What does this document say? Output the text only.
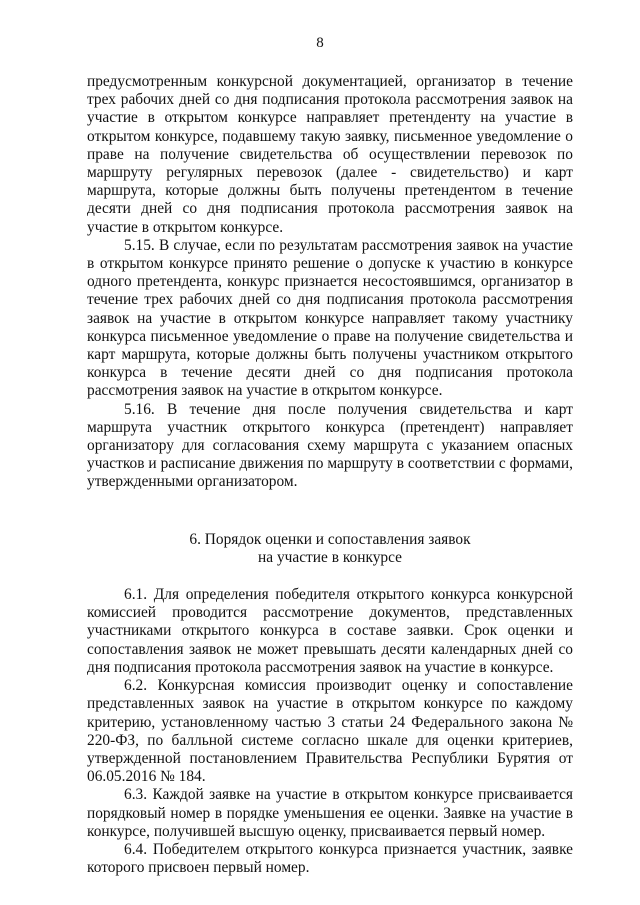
8

предусмотренным конкурсной документацией, организатор в течение трех рабочих дней со дня подписания протокола рассмотрения заявок на участие в открытом конкурсе направляет претенденту на участие в открытом конкурсе, подавшему такую заявку, письменное уведомление о праве на получение свидетельства об осуществлении перевозок по маршруту регулярных перевозок (далее - свидетельство) и карт маршрута, которые должны быть получены претендентом в течение десяти дней со дня подписания протокола рассмотрения заявок на участие в открытом конкурсе.

5.15. В случае, если по результатам рассмотрения заявок на участие в открытом конкурсе принято решение о допуске к участию в конкурсе одного претендента, конкурс признается несостоявшимся, организатор в течение трех рабочих дней со дня подписания протокола рассмотрения заявок на участие в открытом конкурсе направляет такому участнику конкурса письменное уведомление о праве на получение свидетельства и карт маршрута, которые должны быть получены участником открытого конкурса в течение десяти дней со дня подписания протокола рассмотрения заявок на участие в открытом конкурсе.

5.16. В течение дня после получения свидетельства и карт маршрута участник открытого конкурса (претендент) направляет организатору для согласования схему маршрута с указанием опасных участков и расписание движения по маршруту в соответствии с формами, утвержденными организатором.

6. Порядок оценки и сопоставления заявок
на участие в конкурсе

6.1. Для определения победителя открытого конкурса конкурсной комиссией проводится рассмотрение документов, представленных участниками открытого конкурса в составе заявки. Срок оценки и сопоставления заявок не может превышать десяти календарных дней со дня подписания протокола рассмотрения заявок на участие в конкурсе.

6.2. Конкурсная комиссия производит оценку и сопоставление представленных заявок на участие в открытом конкурсе по каждому критерию, установленному частью 3 статьи 24 Федерального закона № 220-ФЗ, по балльной системе согласно шкале для оценки критериев, утвержденной постановлением Правительства Республики Бурятия от 06.05.2016 № 184.

6.3. Каждой заявке на участие в открытом конкурсе присваивается порядковый номер в порядке уменьшения ее оценки. Заявке на участие в конкурсе, получившей высшую оценку, присваивается первый номер.

6.4. Победителем открытого конкурса признается участник, заявке которого присвоен первый номер.
